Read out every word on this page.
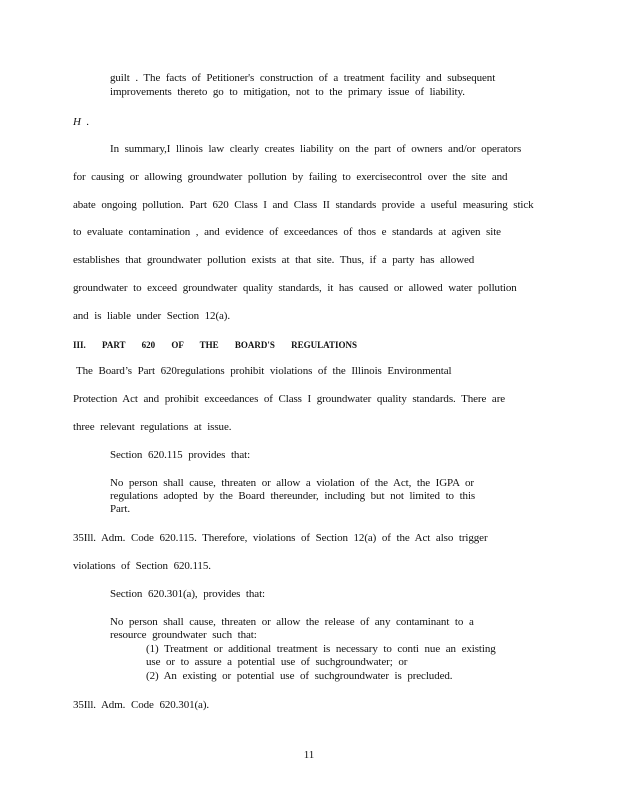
guilt . The facts of Petitioner's construction of a treatment facility and subsequent
improvements thereto go to mitigation, not to the primary issue of liability.
H .
In summary,I llinois law clearly creates liability on the part of owners and/or operators
for causing or allowing groundwater pollution by failing to exercisecontrol over the site and
abate ongoing pollution. Part 620 Class I and Class II standards provide a useful measuring stick
to evaluate contamination , and evidence of exceedances of thos e standards at agiven site
establishes that groundwater pollution exists at that site. Thus, if a party has allowed
groundwater to exceed groundwater quality standards, it has caused or allowed water pollution
and is liable under Section 12(a).
III. PART 620 OF THE BOARD'S REGULATIONS
The Board’s Part 620regulations prohibit violations of the Illinois Environmental
Protection Act and prohibit exceedances of Class I groundwater quality standards. There are
three relevant regulations at issue.
Section 620.115 provides that:
No person shall cause, threaten or allow a violation of the Act, the IGPA or
regulations adopted by the Board thereunder, including but not limited to this
Part.
35Ill. Adm. Code 620.115. Therefore, violations of Section 12(a) of the Act also trigger
violations of Section 620.115.
Section 620.301(a), provides that:
No person shall cause, threaten or allow the release of any contaminant to a
resource groundwater such that:
(1) Treatment or additional treatment is necessary to conti nue an existing
use or to assure a potential use of suchgroundwater; or
(2) An existing or potential use of suchgroundwater is precluded.
35Ill. Adm. Code 620.301(a).
11
